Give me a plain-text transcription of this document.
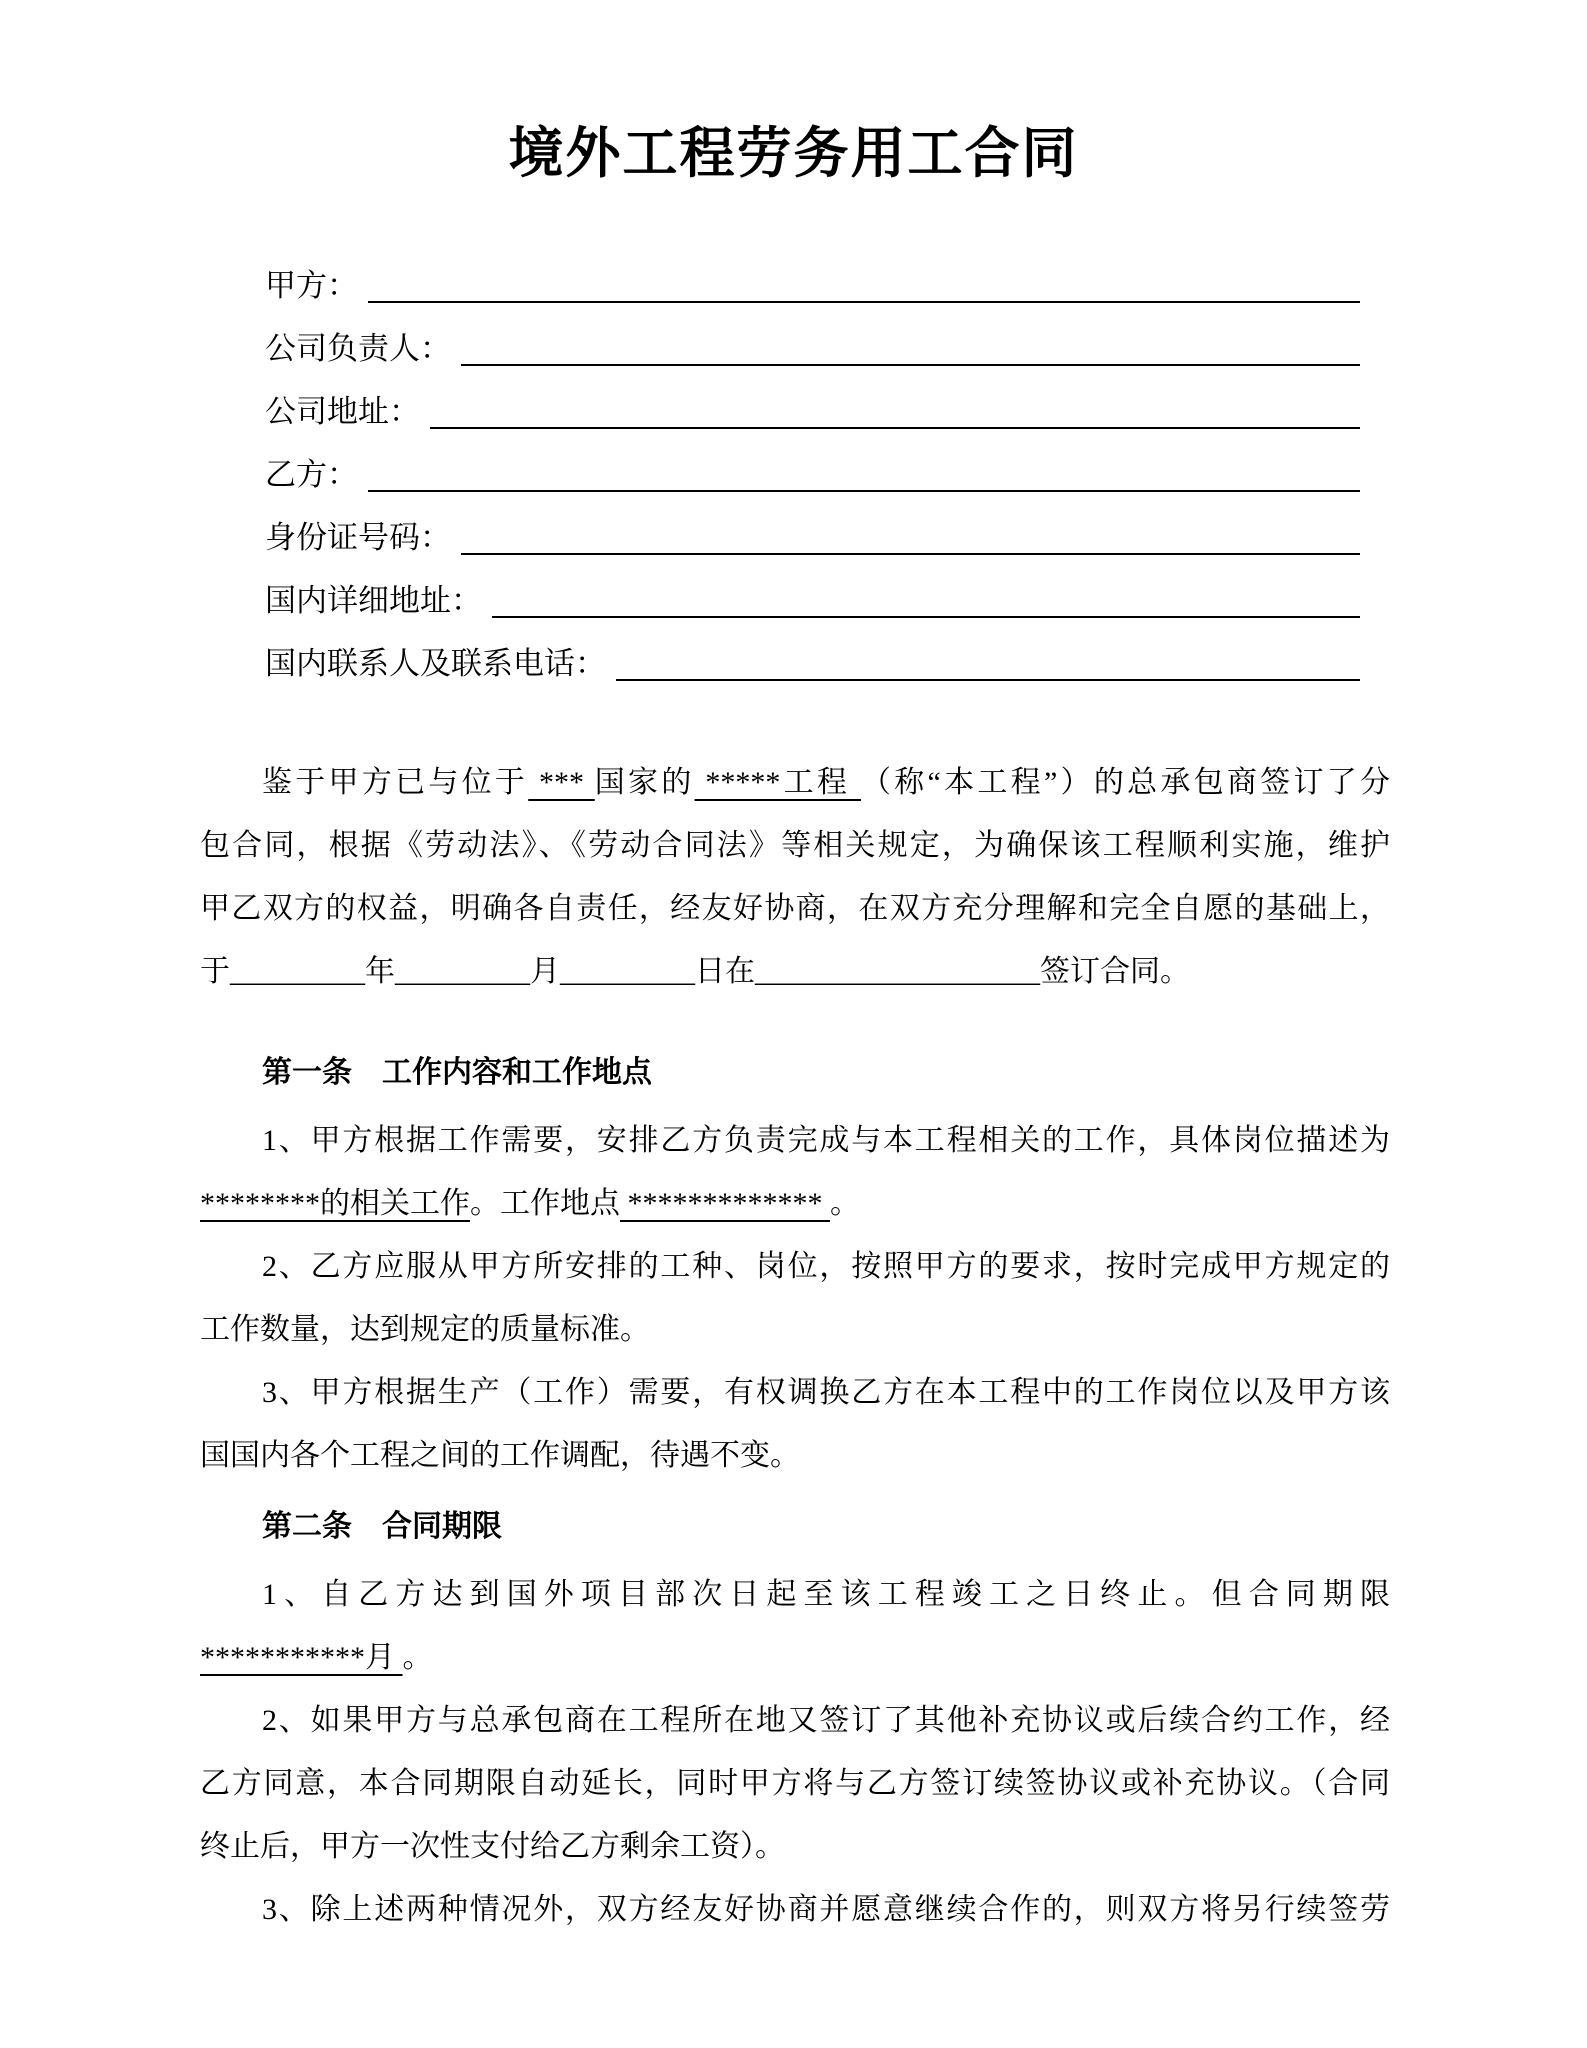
境外工程劳务用工合同
甲方：
公司负责人：
公司地址：
乙方：
身份证号码：
国内详细地址：
国内联系人及联系电话：
鉴于甲方已与位于 *** 国家的 *****工程 （称“本工程”）的总承包商签订了分
包合同，根据《劳动法》、《劳动合同法》等相关规定，为确保该工程顺利实施，维护
甲乙双方的权益，明确各自责任，经友好协商，在双方充分理解和完全自愿的基础上，
于_________年_________月_________日在___________________签订合同。
第一条　工作内容和工作地点
1、甲方根据工作需要，安排乙方负责完成与本工程相关的工作，具体岗位描述为
********的相关工作。工作地点 ************* 。
2、乙方应服从甲方所安排的工种、岗位，按照甲方的要求，按时完成甲方规定的
工作数量，达到规定的质量标准。
3、甲方根据生产（工作）需要，有权调换乙方在本工程中的工作岗位以及甲方该
国国内各个工程之间的工作调配，待遇不变。
第二条　合同期限
1、自乙方达到国外项目部次日起至该工程竣工之日终止。但合同期限
***********月 。
2、如果甲方与总承包商在工程所在地又签订了其他补充协议或后续合约工作，经
乙方同意，本合同期限自动延长，同时甲方将与乙方签订续签协议或补充协议。（合同
终止后，甲方一次性支付给乙方剩余工资）。
3、除上述两种情况外，双方经友好协商并愿意继续合作的，则双方将另行续签劳
